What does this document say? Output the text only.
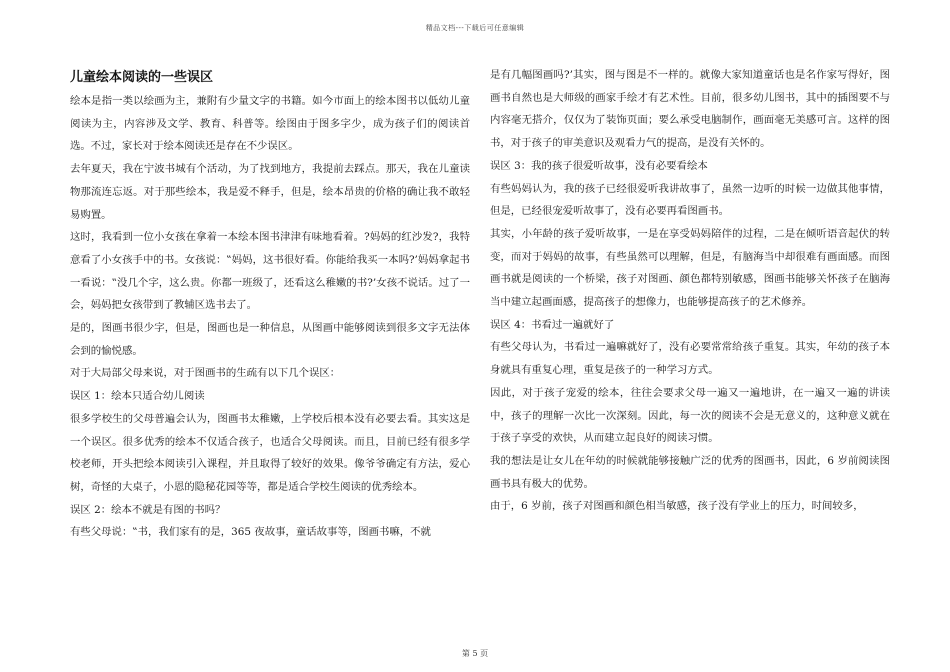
精品文档---下载后可任意编辑
儿童绘本阅读的一些误区

绘本是指一类以绘画为主，兼附有少量文字的书籍。如今市面上的绘本图书以低幼儿童阅读为主，内容涉及文学、教育、科普等。绘图由于图多字少，成为孩子们的阅读首选。不过，家长对于绘本阅读还是存在不少误区。

去年夏天，我在宁波书城有个活动，为了找到地方，我提前去踩点。那天，我在儿童读物那流连忘返。对于那些绘本，我是爱不释手，但是，绘本昂贵的价格的确让我不敢轻易购置。

这时，我看到一位小女孩在拿着一本绘本图书津津有味地看着。?妈妈的红沙发?，我特意看了小女孩手中的书。女孩说：‟妈妈，这书很好看。你能给我买一本吗?’妈妈拿起书一看说：‟没几个字，这么贵。你都一班级了，还看这么稚嫩的书?’女孩不说话。过了一会，妈妈把女孩带到了教辅区选书去了。

是的，图画书很少字，但是，图画也是一种信息，从图画中能够阅读到很多文字无法体会到的愉悦感。

对于大局部父母来说，对于图画书的生疏有以下几个误区：

误区 1：绘本只适合幼儿阅读

很多学校生的父母普遍会认为，图画书太稚嫩，上学校后根本没有必要去看。其实这是一个误区。很多优秀的绘本不仅适合孩子，也适合父母阅读。而且，目前已经有很多学校老师，开头把绘本阅读引入课程，并且取得了较好的效果。像爷爷确定有方法，爱心树，奇怪的大桌子，小恩的隐秘花园等等，都是适合学校生阅读的优秀绘本。

误区 2：绘本不就是有图的书吗？

有些父母说：‟书，我们家有的是，365 夜故事，童话故事等，图画书嘛，不就

是有几幅图画吗?’其实，图与图是不一样的。就像大家知道童话也是名作家写得好，图画书自然也是大师级的画家手绘才有艺术性。目前，很多幼儿图书，其中的插图要不与内容毫无搭介，仅仅为了装饰页面；要么承受电脑制作，画面毫无美感可言。这样的图书，对于孩子的审美意识及观看力气的提高，是没有关怀的。

误区 3：我的孩子很爱听故事，没有必要看绘本

有些妈妈认为，我的孩子已经很爱听我讲故事了，虽然一边听的时候一边做其他事情，但是，已经很宠爱听故事了，没有必要再看图画书。

其实，小年龄的孩子爱听故事，一是在享受妈妈陪伴的过程，二是在倾听语音起伏的转变，而对于妈妈的故事，有些虽然可以理解，但是，有脑海当中却很难有画面感。而图画书就是阅读的一个桥梁，孩子对图画、颜色都特别敏感，图画书能够关怀孩子在脑海当中建立起画面感，提高孩子的想像力，也能够提高孩子的艺术修养。

误区 4：书看过一遍就好了

有些父母认为，书看过一遍嘛就好了，没有必要常常给孩子重复。其实，年幼的孩子本身就具有重复心理，重复是孩子的一种学习方式。

因此，对于孩子宠爱的绘本，往往会要求父母一遍又一遍地讲，在一遍又一遍的讲读中，孩子的理解一次比一次深刻。因此，每一次的阅读不会是无意义的，这种意义就在于孩子享受的欢快，从而建立起良好的阅读习惯。

我的想法是让女儿在年幼的时候就能够接触广泛的优秀的图画书，因此，6 岁前阅读图画书具有极大的优势。

由于，6 岁前，孩子对图画和颜色相当敏感，孩子没有学业上的压力，时间较多，

第 5 页
